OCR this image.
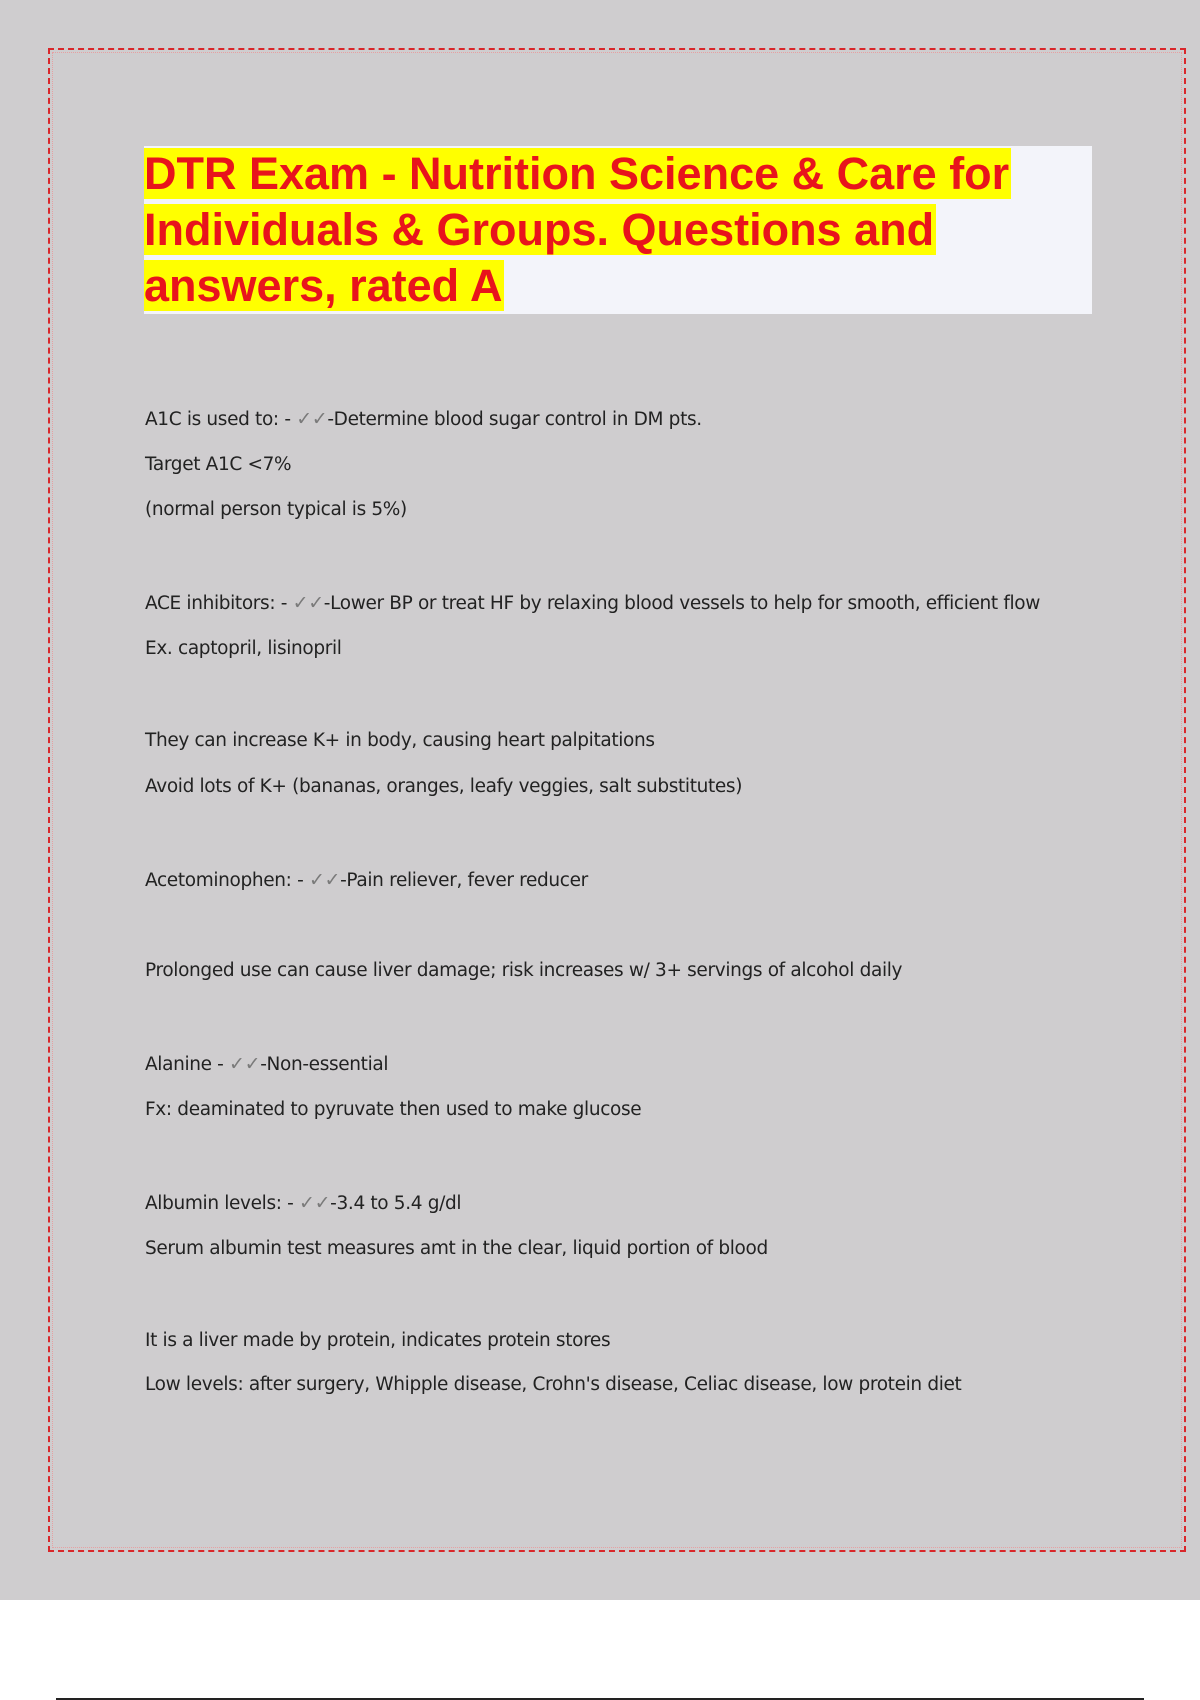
DTR Exam - Nutrition Science & Care for
Individuals & Groups. Questions and
answers, rated A

A1C is used to: - ✓✓-Determine blood sugar control in DM pts.

Target A1C <7%

(normal person typical is 5%)

ACE inhibitors: - ✓✓-Lower BP or treat HF by relaxing blood vessels to help for smooth, efficient flow

Ex. captopril, lisinopril

They can increase K+ in body, causing heart palpitations

Avoid lots of K+ (bananas, oranges, leafy veggies, salt substitutes)

Acetominophen: - ✓✓-Pain reliever, fever reducer

Prolonged use can cause liver damage; risk increases w/ 3+ servings of alcohol daily

Alanine - ✓✓-Non-essential

Fx: deaminated to pyruvate then used to make glucose

Albumin levels: - ✓✓-3.4 to 5.4 g/dl

Serum albumin test measures amt in the clear, liquid portion of blood

It is a liver made by protein, indicates protein stores

Low levels: after surgery, Whipple disease, Crohn's disease, Celiac disease, low protein diet
